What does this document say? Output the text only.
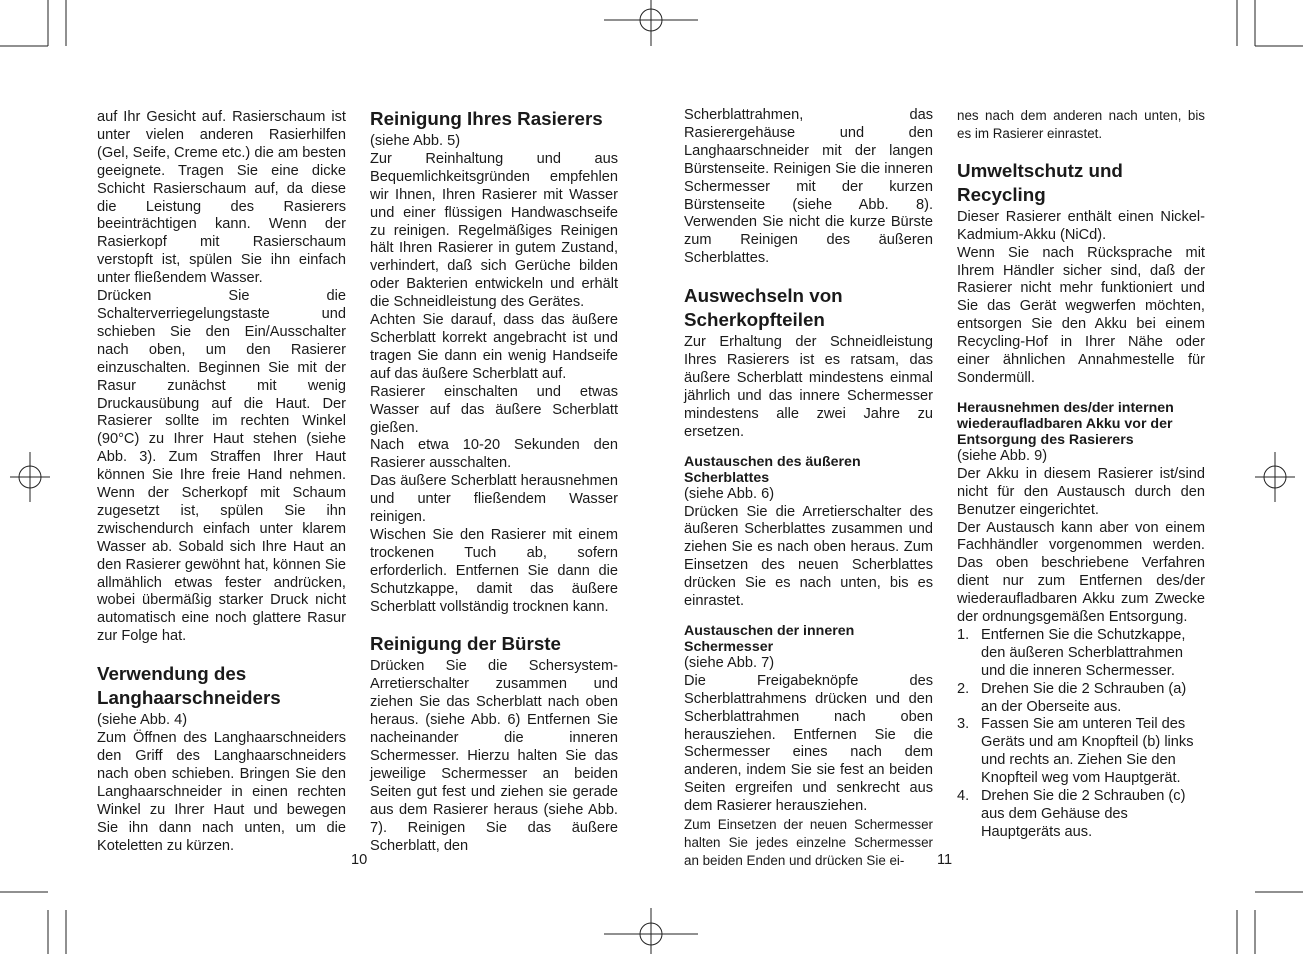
auf Ihr Gesicht auf. Rasierschaum ist unter vielen anderen Rasierhilfen (Gel, Seife, Creme etc.) die am besten geeignete. Tragen Sie eine dicke Schicht Rasierschaum auf, da diese die Leistung des Rasierers beeinträchtigen kann. Wenn der Rasierkopf mit Rasierschaum verstopft ist, spülen Sie ihn einfach unter fließendem Wasser.

Drücken Sie die Schalterverriegelungstaste und schieben Sie den Ein/Ausschalter nach oben, um den Rasierer einzuschalten. Beginnen Sie mit der Rasur zunächst mit wenig Druckausübung auf die Haut. Der Rasierer sollte im rechten Winkel (90°C) zu Ihrer Haut stehen (siehe Abb. 3). Zum Straffen Ihrer Haut können Sie Ihre freie Hand nehmen. Wenn der Scherkopf mit Schaum zugesetzt ist, spülen Sie ihn zwischendurch einfach unter klarem Wasser ab. Sobald sich Ihre Haut an den Rasierer gewöhnt hat, können Sie allmählich etwas fester andrücken, wobei übermäßig starker Druck nicht automatisch eine noch glattere Rasur zur Folge hat.

Verwendung des Langhaarschneiders

(siehe Abb. 4)

Zum Öffnen des Langhaarschneiders den Griff des Langhaarschneiders nach oben schieben. Bringen Sie den Langhaarschneider in einen rechten Winkel zu Ihrer Haut und bewegen Sie ihn dann nach unten, um die Koteletten zu kürzen.

Reinigung Ihres Rasierers

(siehe Abb. 5)

Zur Reinhaltung und aus Bequemlichkeitsgründen empfehlen wir Ihnen, Ihren Rasierer mit Wasser und einer flüssigen Handwaschseife zu reinigen. Regelmäßiges Reinigen hält Ihren Rasierer in gutem Zustand, verhindert, daß sich Gerüche bilden oder Bakterien entwickeln und erhält die Schneidleistung des Gerätes.

Achten Sie darauf, dass das äußere Scherblatt korrekt angebracht ist und tragen Sie dann ein wenig Handseife auf das äußere Scherblatt auf.

Rasierer einschalten und etwas Wasser auf das äußere Scherblatt gießen.

Nach etwa 10-20 Sekunden den Rasierer ausschalten.

Das äußere Scherblatt herausnehmen und unter fließendem Wasser reinigen.

Wischen Sie den Rasierer mit einem trockenen Tuch ab, sofern erforderlich. Entfernen Sie dann die Schutzkappe, damit das äußere Scherblatt vollständig trocknen kann.

Reinigung der Bürste

Drücken Sie die Schersystem-Arretierschalter zusammen und ziehen Sie das Scherblatt nach oben heraus. (siehe Abb. 6) Entfernen Sie nacheinander die inneren Schermesser. Hierzu halten Sie das jeweilige Schermesser an beiden Seiten gut fest und ziehen sie gerade aus dem Rasierer heraus (siehe Abb. 7). Reinigen Sie das äußere Scherblatt, den

10

Scherblattrahmen, das Rasierergehäuse und den Langhaarschneider mit der langen Bürstenseite. Reinigen Sie die inneren Schermesser mit der kurzen Bürstenseite (siehe Abb. 8). Verwenden Sie nicht die kurze Bürste zum Reinigen des äußeren Scherblattes.

Auswechseln von Scherkopfteilen

Zur Erhaltung der Schneidleistung Ihres Rasierers ist es ratsam, das äußere Scherblatt mindestens einmal jährlich und das innere Schermesser mindestens alle zwei Jahre zu ersetzen.

Austauschen des äußeren Scherblattes

(siehe Abb. 6)

Drücken Sie die Arretierschalter des äußeren Scherblattes zusammen und ziehen Sie es nach oben heraus. Zum Einsetzen des neuen Scherblattes drücken Sie es nach unten, bis es einrastet.

Austauschen der inneren Schermesser

(siehe Abb. 7)

Die Freigabeknöpfe des Scherblattrahmens drücken und den Scherblattrahmen nach oben herausziehen. Entfernen Sie die Schermesser eines nach dem anderen, indem Sie sie fest an beiden Seiten ergreifen und senkrecht aus dem Rasierer herausziehen.

Zum Einsetzen der neuen Schermesser halten Sie jedes einzelne Schermesser an beiden Enden und drücken Sie ei-

nes nach dem anderen nach unten, bis es im Rasierer einrastet.

Umweltschutz und Recycling

Dieser Rasierer enthält einen Nickel-Kadmium-Akku (NiCd).

Wenn Sie nach Rücksprache mit Ihrem Händler sicher sind, daß der Rasierer nicht mehr funktioniert und Sie das Gerät wegwerfen möchten, entsorgen Sie den Akku bei einem Recycling-Hof in Ihrer Nähe oder einer ähnlichen Annahmestelle für Sondermüll.

Herausnehmen des/der internen wiederaufladbaren Akku vor der Entsorgung des Rasierers

(siehe Abb. 9)

Der Akku in diesem Rasierer ist/sind nicht für den Austausch durch den Benutzer eingerichtet.

Der Austausch kann aber von einem Fachhändler vorgenommen werden. Das oben beschriebene Verfahren dient nur zum Entfernen des/der wiederaufladbaren Akku zum Zwecke der ordnungsgemäßen Entsorgung.

1. Entfernen Sie die Schutzkappe, den äußeren Scherblattrahmen und die inneren Schermesser.
2. Drehen Sie die 2 Schrauben (a) an der Oberseite aus.
3. Fassen Sie am unteren Teil des Geräts und am Knopfteil (b) links und rechts an. Ziehen Sie den Knopfteil weg vom Hauptgerät.
4. Drehen Sie die 2 Schrauben (c) aus dem Gehäuse des Hauptgeräts aus.
11
